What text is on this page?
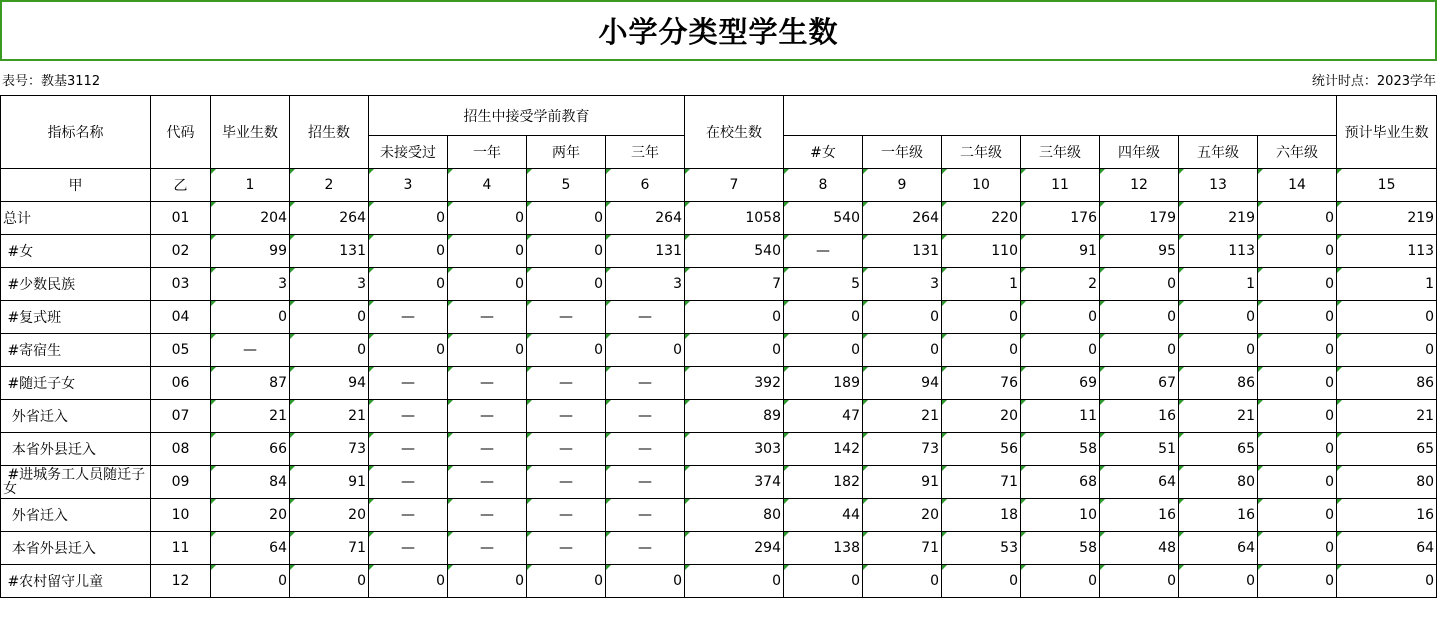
小学分类型学生数
表号：教基3112	统计时点：2023学年
指标名称	代码	毕业生数	招生数	招生中接受学前教育				在校生数								预计毕业生数
				未接受过	一年	两年	三年		#女	一年级	二年级	三年级	四年级	五年级	六年级	
甲	乙	1	2	3	4	5	6	7	8	9	10	11	12	13	14	15
总计	01	204	264	0	0	0	264	1058	540	264	220	176	179	219	0	219
#女	02	99	131	0	0	0	131	540	—	131	110	91	95	113	0	113
#少数民族	03	3	3	0	0	0	3	7	5	3	1	2	0	1	0	1
#复式班	04	0	0	—	—	—	—	0	0	0	0	0	0	0	0	0
#寄宿生	05	—	0	0	0	0	0	0	0	0	0	0	0	0	0	0
#随迁子女	06	87	94	—	—	—	—	392	189	94	76	69	67	86	0	86
外省迁入	07	21	21	—	—	—	—	89	47	21	20	11	16	21	0	21
本省外县迁入	08	66	73	—	—	—	—	303	142	73	56	58	51	65	0	65
#进城务工人员随迁子女	09	84	91	—	—	—	—	374	182	91	71	68	64	80	0	80
外省迁入	10	20	20	—	—	—	—	80	44	20	18	10	16	16	0	16
本省外县迁入	11	64	71	—	—	—	—	294	138	71	53	58	48	64	0	64
#农村留守儿童	12	0	0	0	0	0	0	0	0	0	0	0	0	0	0	0
